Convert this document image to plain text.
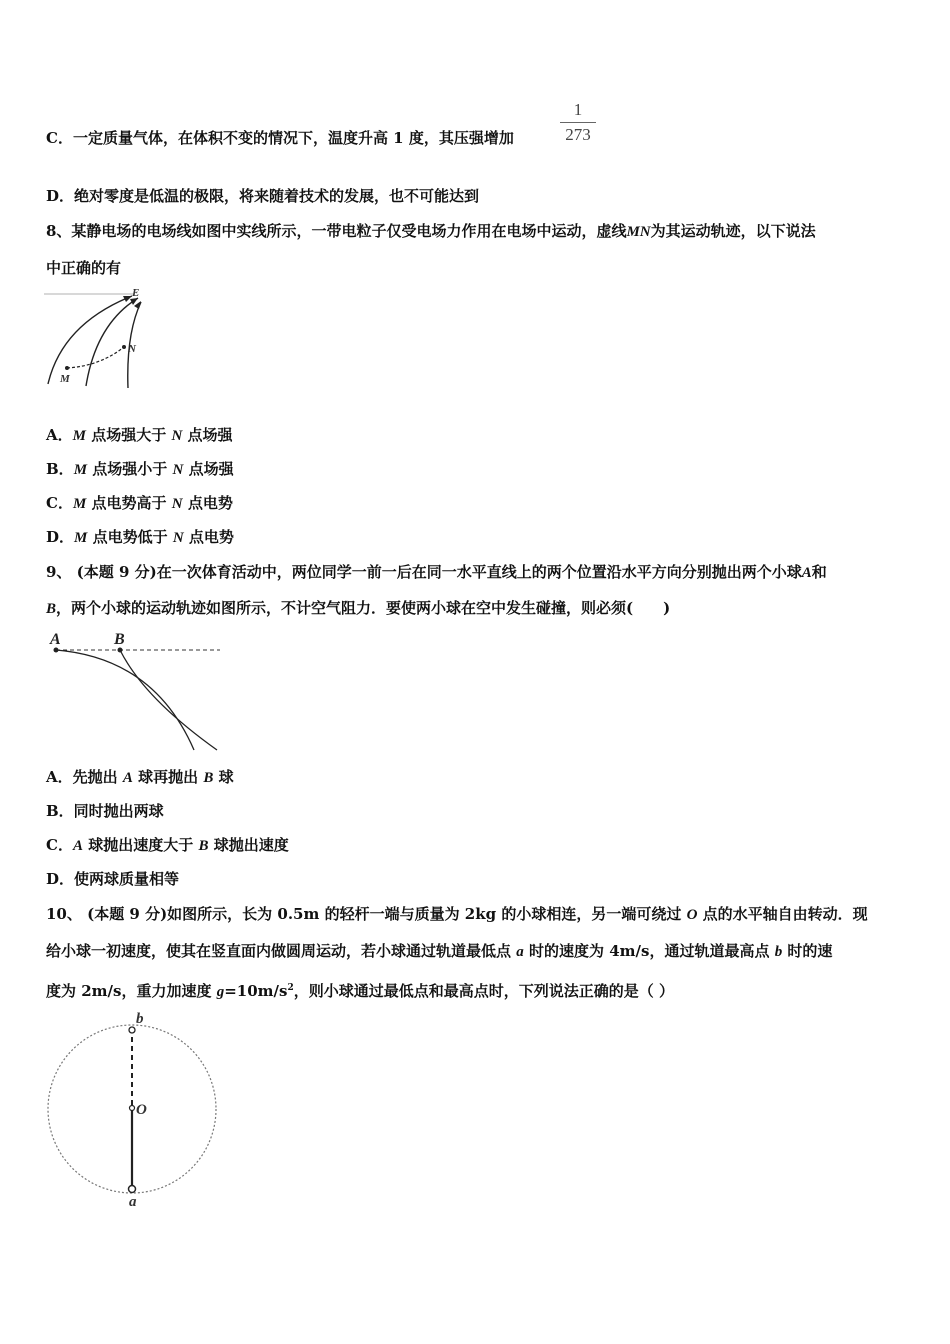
C．一定质量气体，在体积不变的情况下，温度升高 1 度，其压强增加
1
273
D．绝对零度是低温的极限，将来随着技术的发展，也不可能达到
8、某静电场的电场线如图中实线所示，一带电粒子仅受电场力作用在电场中运动，虚线MN为其运动轨迹，以下说法
中正确的有
E
N
M
A．M 点场强大于 N 点场强
B．M 点场强小于 N 点场强
C．M 点电势高于 N 点电势
D．M 点电势低于 N 点电势
9、 (本题 9 分)在一次体育活动中，两位同学一前一后在同一水平直线上的两个位置沿水平方向分别抛出两个小球A和
B，两个小球的运动轨迹如图所示，不计空气阻力．要使两小球在空中发生碰撞，则必须(　　)
A	B
A．先抛出 A 球再抛出 B 球
B．同时抛出两球
C．A 球抛出速度大于 B 球抛出速度
D．使两球质量相等
10、 (本题 9 分)如图所示，长为 0.5m 的轻杆一端与质量为 2kg 的小球相连，另一端可绕过 O 点的水平轴自由转动．现
给小球一初速度，使其在竖直面内做圆周运动，若小球通过轨道最低点 a 时的速度为 4m/s，通过轨道最高点 b 时的速
度为 2m/s，重力加速度 $g=10m/s^2$，则小球通过最低点和最高点时，下列说法正确的是（ ）
b
O
a
